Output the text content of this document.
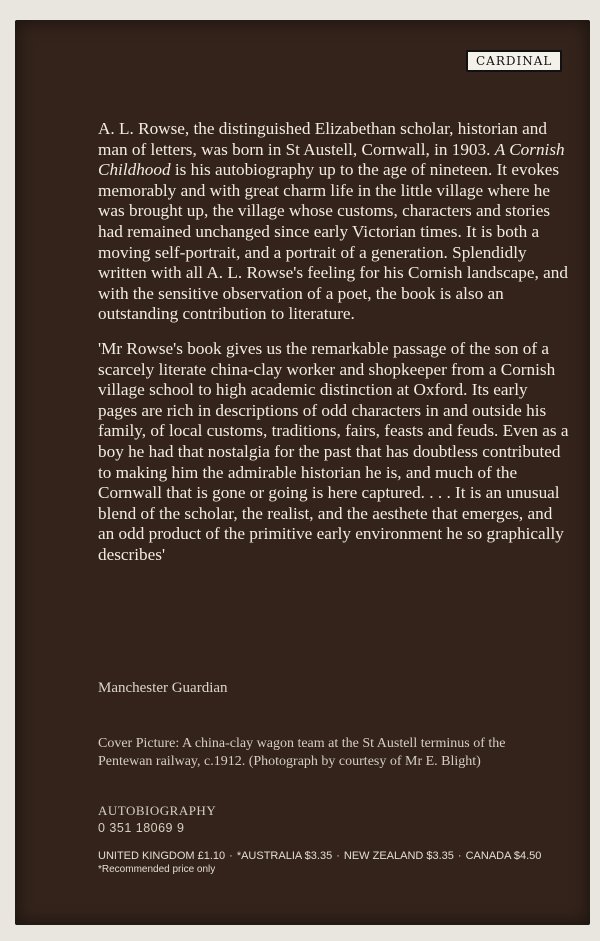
CARDINAL

A. L. Rowse, the distinguished Elizabethan scholar, historian and man of letters, was born in St Austell, Cornwall, in 1903. A Cornish Childhood is his autobiography up to the age of nineteen. It evokes memorably and with great charm life in the little village where he was brought up, the village whose customs, characters and stories had remained unchanged since early Victorian times. It is both a moving self-portrait, and a portrait of a generation. Splendidly written with all A. L. Rowse's feeling for his Cornish landscape, and with the sensitive observation of a poet, the book is also an outstanding contribution to literature.

'Mr Rowse's book gives us the remarkable passage of the son of a scarcely literate china-clay worker and shopkeeper from a Cornish village school to high academic distinction at Oxford. Its early pages are rich in descriptions of odd characters in and outside his family, of local customs, traditions, fairs, feasts and feuds. Even as a boy he had that nostalgia for the past that has doubtless contributed to making him the admirable historian he is, and much of the Cornwall that is gone or going is here captured. . . . It is an unusual blend of the scholar, the realist, and the aesthete that emerges, and an odd product of the primitive early environment he so graphically describes'

Manchester Guardian
Cover Picture: A china-clay wagon team at the St Austell terminus of the Pentewan railway, c.1912. (Photograph by courtesy of Mr E. Blight)
AUTOBIOGRAPHY
0 351 18069 9
UNITED KINGDOM £1.10 · *AUSTRALIA $3.35 · NEW ZEALAND $3.35 · CANADA $4.50
*Recommended price only
